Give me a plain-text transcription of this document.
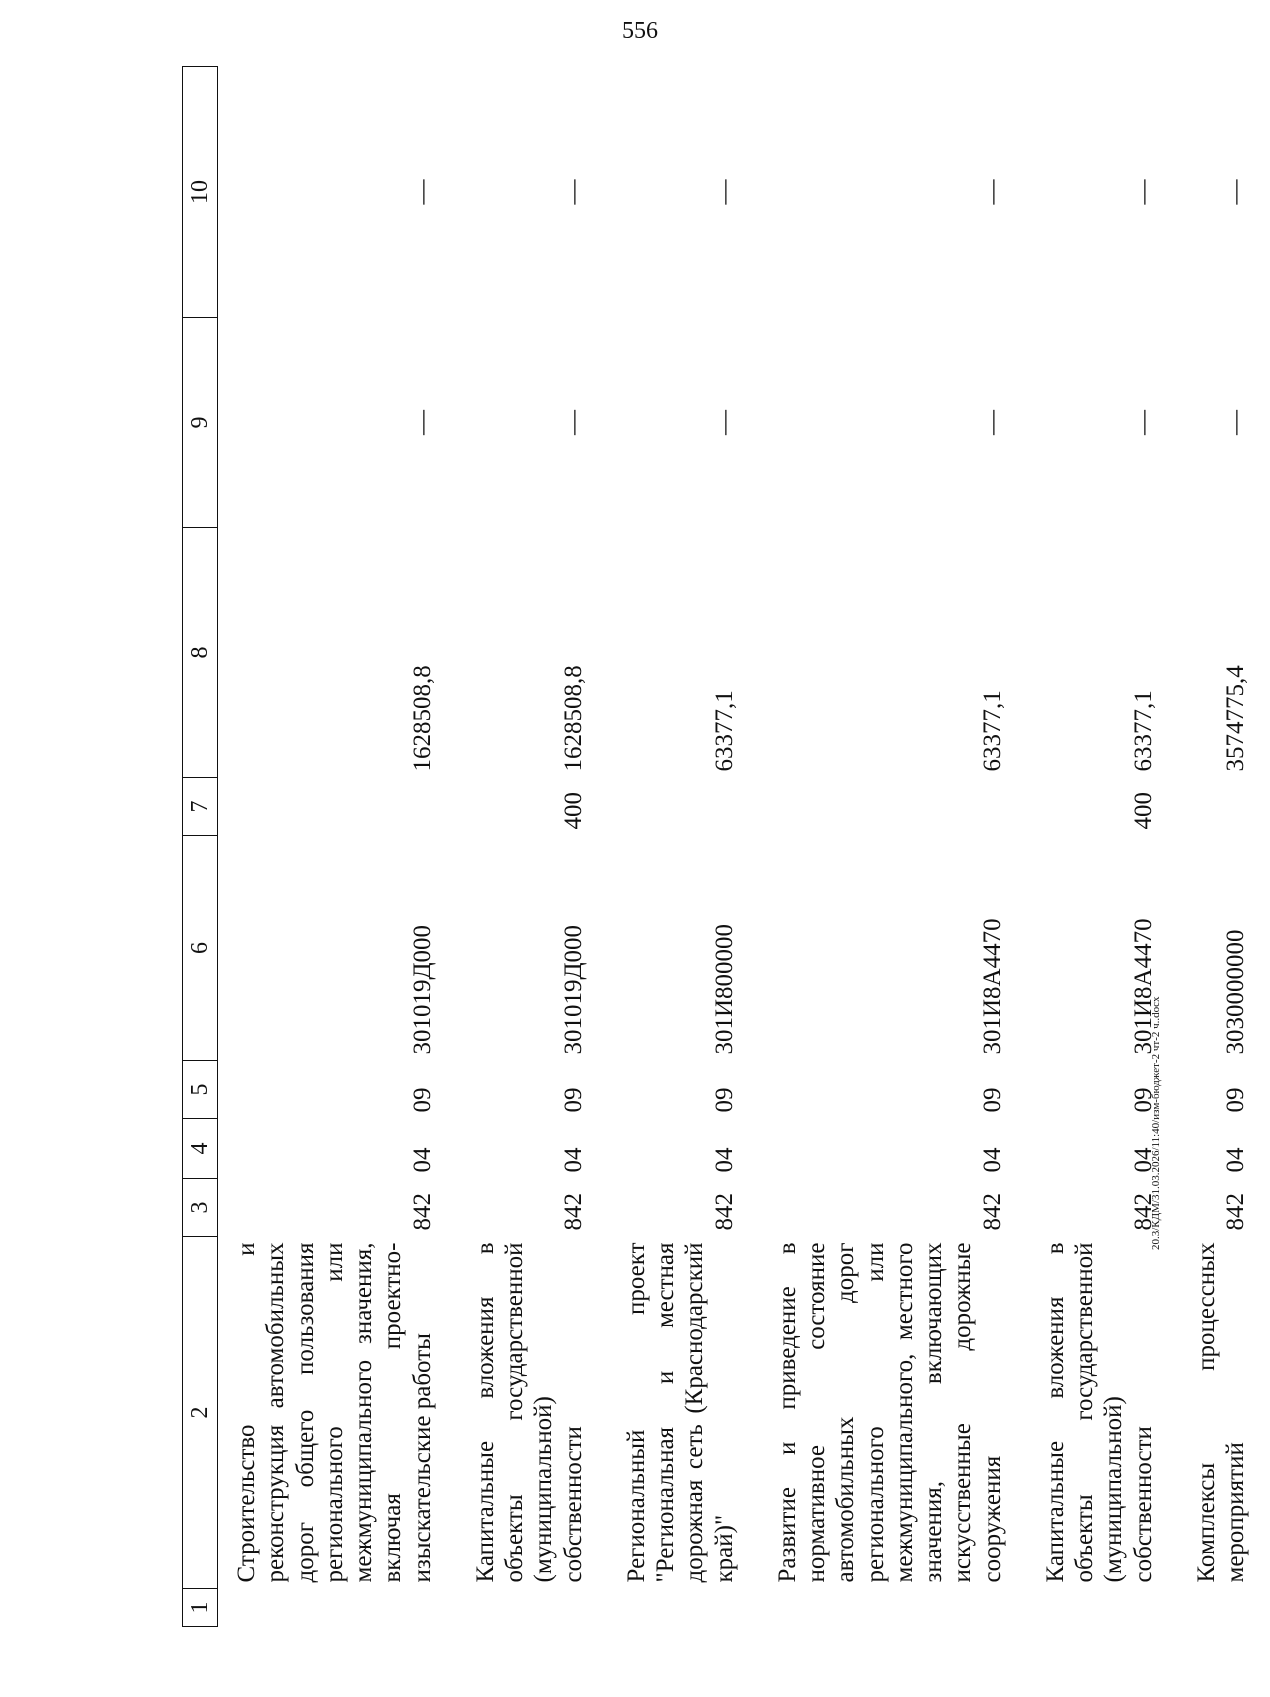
556
20.3/КДМ/31.03.2026/11:40/изм-бюджет-2 чт-2 ч..docx
1	2	3	4	5	6	7	8	9	10
	Строительство и реконструкция автомобильных дорог общего пользования регионального или межмуниципального значения, включая проектно-изыскательские работы	842	04	09	301019Д000		1628508,8	—	—
	Капитальные вложения в объекты государственной (муниципальной) собственности	842	04	09	301019Д000	400	1628508,8	—	—
	Региональный проект "Региональная и местная дорожная сеть (Краснодарский край)"	842	04	09	301И800000		63377,1	—	—
	Развитие и приведение в нормативное состояние автомобильных дорог регионального или межмуниципального, местного значения, включающих искусственные дорожные сооружения	842	04	09	301И8А4470		63377,1	—	—
	Капитальные вложения в объекты государственной (муниципальной) собственности	842	04	09	301И8А4470	400	63377,1	—	—
	Комплексы процессных мероприятий	842	04	09	3030000000		3574775,4	—	—
